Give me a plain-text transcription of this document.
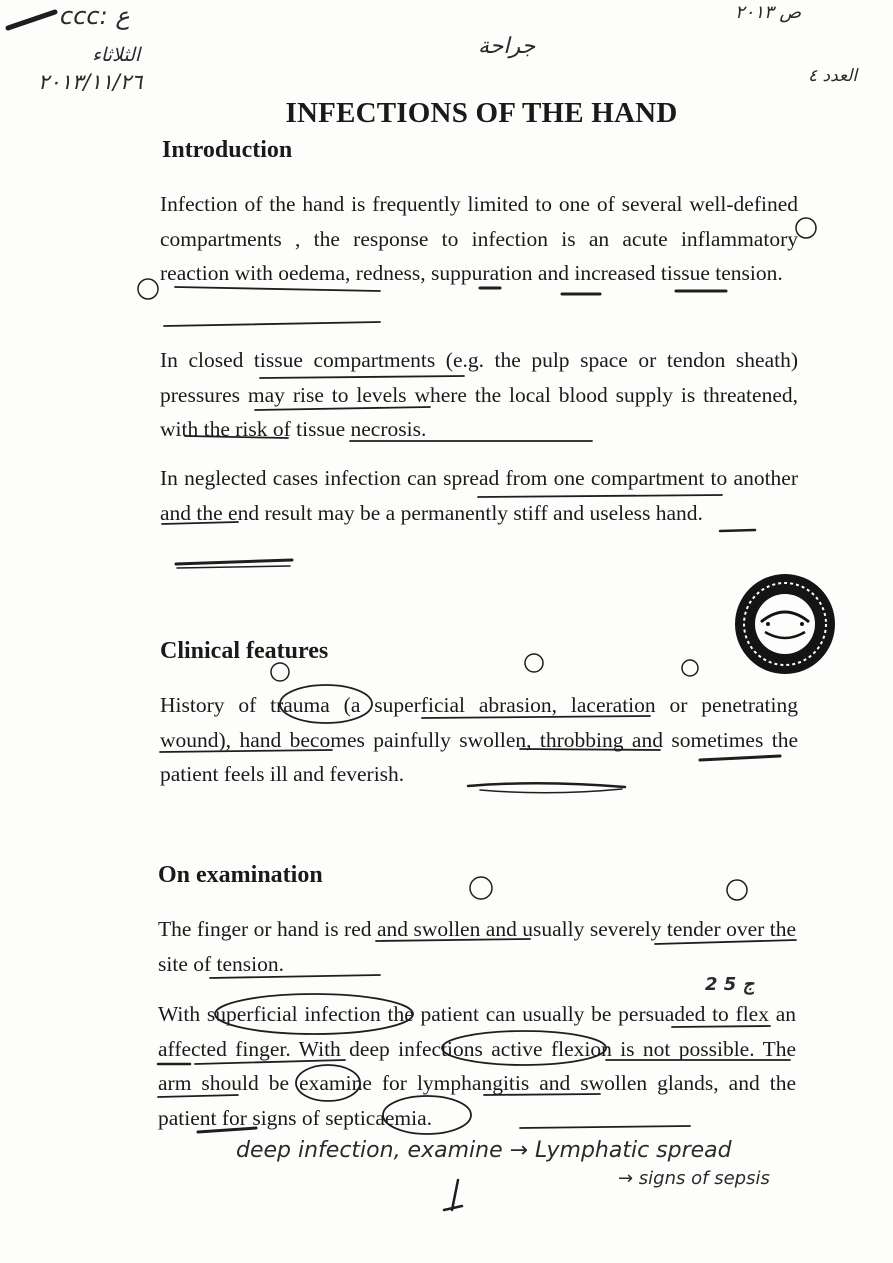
ccc: ع
الثلاثاء
٢٠١٣/١١/٢٦
جراحة
ص ٢٠١٣
العدد ٤
INFECTIONS OF THE HAND
Introduction

Infection of the hand is frequently limited to one of several well-defined compartments , the response to infection is an acute inflammatory reaction with oedema, redness, suppuration and increased tissue tension.

In closed tissue compartments (e.g. the pulp space or tendon sheath) pressures may rise to levels where the local blood supply is threatened, with the risk of tissue necrosis.

In neglected cases infection can spread from one compartment to another and the end result may be a permanently stiff and useless hand.

Clinical features

History of trauma (a superficial abrasion, laceration or penetrating wound), hand becomes painfully swollen, throbbing and sometimes the patient feels ill and feverish.

On examination

The finger or hand is red and swollen and usually severely tender over the site of tension.

With superficial infection the patient can usually be persuaded to flex an affected finger. With deep infections active flexion is not possible. The arm should be examine for lymphangitis and swollen glands, and the patient for signs of septicaemia.

2 5 ج
deep infection, examine → Lymphatic spread
→ signs of sepsis
